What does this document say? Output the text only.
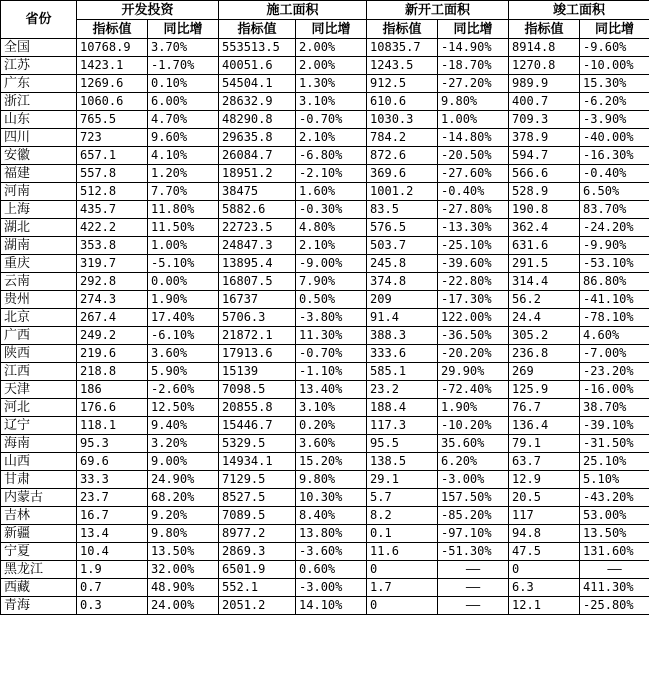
省份	开发投资		施工面积		新开工面积		竣工面积	
	指标值	同比增	指标值	同比增	指标值	同比增	指标值	同比增
全国	10768.9	3.70%	553513.5	2.00%	10835.7	-14.90%	8914.8	-9.60%
江苏	1423.1	-1.70%	40051.6	2.00%	1243.5	-18.70%	1270.8	-10.00%
广东	1269.6	0.10%	54504.1	1.30%	912.5	-27.20%	989.9	15.30%
浙江	1060.6	6.00%	28632.9	3.10%	610.6	9.80%	400.7	-6.20%
山东	765.5	4.70%	48290.8	-0.70%	1030.3	1.00%	709.3	-3.90%
四川	723	9.60%	29635.8	2.10%	784.2	-14.80%	378.9	-40.00%
安徽	657.1	4.10%	26084.7	-6.80%	872.6	-20.50%	594.7	-16.30%
福建	557.8	1.20%	18951.2	-2.10%	369.6	-27.60%	566.6	-0.40%
河南	512.8	7.70%	38475	1.60%	1001.2	-0.40%	528.9	6.50%
上海	435.7	11.80%	5882.6	-0.30%	83.5	-27.80%	190.8	83.70%
湖北	422.2	11.50%	22723.5	4.80%	576.5	-13.30%	362.4	-24.20%
湖南	353.8	1.00%	24847.3	2.10%	503.7	-25.10%	631.6	-9.90%
重庆	319.7	-5.10%	13895.4	-9.00%	245.8	-39.60%	291.5	-53.10%
云南	292.8	0.00%	16807.5	7.90%	374.8	-22.80%	314.4	86.80%
贵州	274.3	1.90%	16737	0.50%	209	-17.30%	56.2	-41.10%
北京	267.4	17.40%	5706.3	-3.80%	91.4	122.00%	24.4	-78.10%
广西	249.2	-6.10%	21872.1	11.30%	388.3	-36.50%	305.2	4.60%
陕西	219.6	3.60%	17913.6	-0.70%	333.6	-20.20%	236.8	-7.00%
江西	218.8	5.90%	15139	-1.10%	585.1	29.90%	269	-23.20%
天津	186	-2.60%	7098.5	13.40%	23.2	-72.40%	125.9	-16.00%
河北	176.6	12.50%	20855.8	3.10%	188.4	1.90%	76.7	38.70%
辽宁	118.1	9.40%	15446.7	0.20%	117.3	-10.20%	136.4	-39.10%
海南	95.3	3.20%	5329.5	3.60%	95.5	35.60%	79.1	-31.50%
山西	69.6	9.00%	14934.1	15.20%	138.5	6.20%	63.7	25.10%
甘肃	33.3	24.90%	7129.5	9.80%	29.1	-3.00%	12.9	5.10%
内蒙古	23.7	68.20%	8527.5	10.30%	5.7	157.50%	20.5	-43.20%
吉林	16.7	9.20%	7089.5	8.40%	8.2	-85.20%	117	53.00%
新疆	13.4	9.80%	8977.2	13.80%	0.1	-97.10%	94.8	13.50%
宁夏	10.4	13.50%	2869.3	-3.60%	11.6	-51.30%	47.5	131.60%
黑龙江	1.9	32.00%	6501.9	0.60%	0	——	0	——
西藏	0.7	48.90%	552.1	-3.00%	1.7	——	6.3	411.30%
青海	0.3	24.00%	2051.2	14.10%	0	——	12.1	-25.80%
